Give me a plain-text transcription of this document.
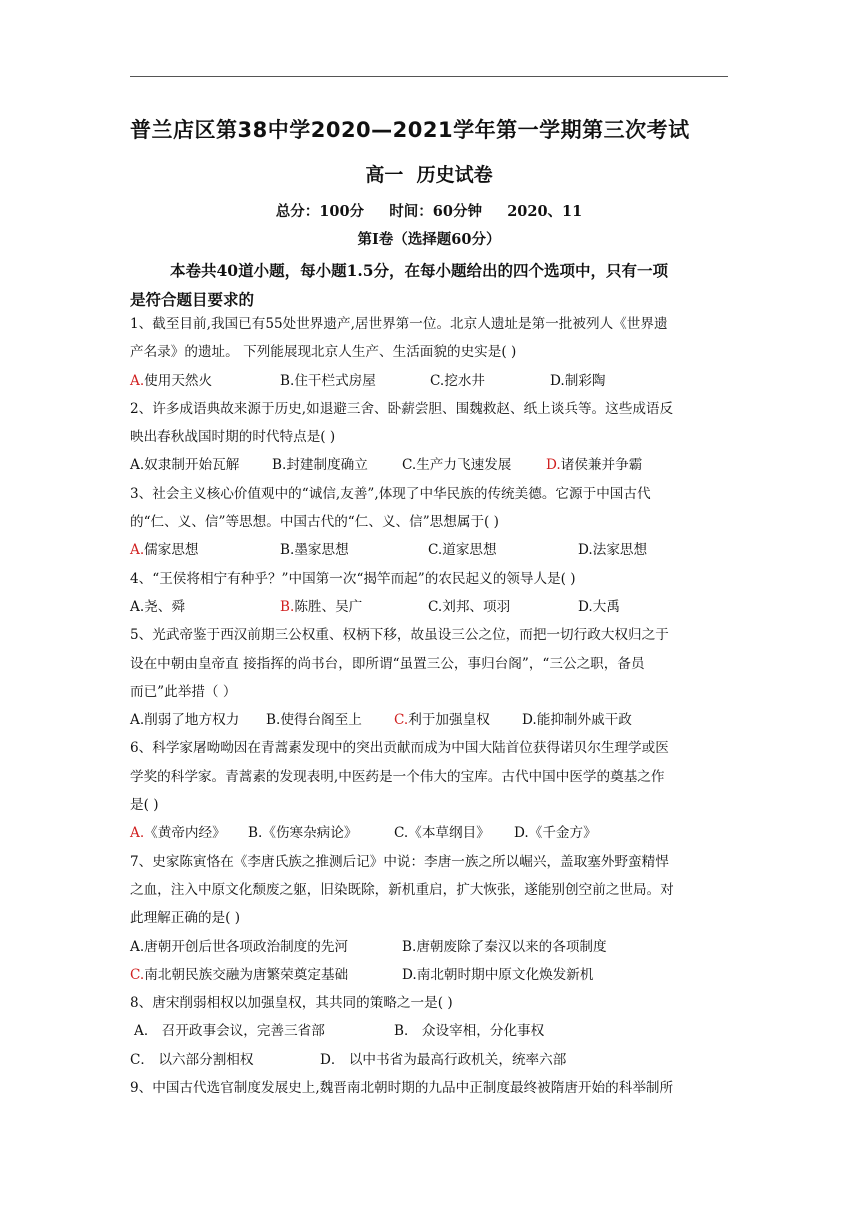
普兰店区第38中学2020—2021学年第一学期第三次考试
高一  历史试卷
总分：100分     时间：60分钟     2020、11
第Ⅰ卷（选择题60分）
本卷共40道小题，每小题1.5分，在每小题给出的四个选项中，只有一项
是符合题目要求的
1、截至目前,我国已有55处世界遗产,居世界第一位。北京人遗址是第一批被列人《世界遗
产名录》的遗址。 下列能展现北京人生产、生活面貌的史实是( )
A.使用天然火	B.住干栏式房屋	C.挖水井	D.制彩陶
2、许多成语典故来源于历史,如退避三舍、卧薪尝胆、围魏救赵、纸上谈兵等。这些成语反
映出春秋战国时期的时代特点是( )
A.奴隶制开始瓦解 B.封建制度确立	C.生产力飞速发展	D.诸侯兼并争霸
3、社会主义核心价值观中的“诚信,友善”,体现了中华民族的传统美德。它源于中国古代
的“仁、义、信”等思想。中国古代的“仁、义、信”思想属于( )
A.儒家思想	B.墨家思想	C.道家思想	D.法家思想
4、“王侯将相宁有种乎？”中国第一次“揭竿而起”的农民起义的领导人是( )
A.尧、舜	B.陈胜、吴广	C.刘邦、项羽	D.大禹
5、光武帝鉴于西汉前期三公权重、权柄下移，故虽设三公之位，而把一切行政大权归之于
设在中朝由皇帝直 接指挥的尚书台，即所谓“虽置三公，事归台阁”，“三公之职，备员
而已”此举措（ ）
A.削弱了地方权力 B.使得台阁至上 C.利于加强皇权 D.能抑制外戚干政
6、科学家屠呦呦因在青蒿素发现中的突出贡献而成为中国大陆首位获得诺贝尔生理学或医
学奖的科学家。青蒿素的发现表明,中医药是一个伟大的宝库。古代中国中医学的奠基之作
是( )
A.《黄帝内经》 B.《伤寒杂病论》	C.《本草纲目》 D.《千金方》
7、史家陈寅恪在《李唐氏族之推测后记》中说：李唐一族之所以崛兴，盖取塞外野蛮精悍
之血，注入中原文化颓废之躯，旧染既除，新机重启，扩大恢张，遂能别创空前之世局。对
此理解正确的是( )
A.唐朝开创后世各项政治制度的先河	B.唐朝废除了秦汉以来的各项制度
C.南北朝民族交融为唐繁荣奠定基础	D.南北朝时期中原文化焕发新机
8、唐宋削弱相权以加强皇权，其共同的策略之一是( )
A． 召开政事会议，完善三省部	B． 众设宰相，分化事权
C． 以六部分割相权	D． 以中书省为最高行政机关，统率六部
9、中国古代选官制度发展史上,魏晋南北朝时期的九品中正制度最终被隋唐开始的科举制所
